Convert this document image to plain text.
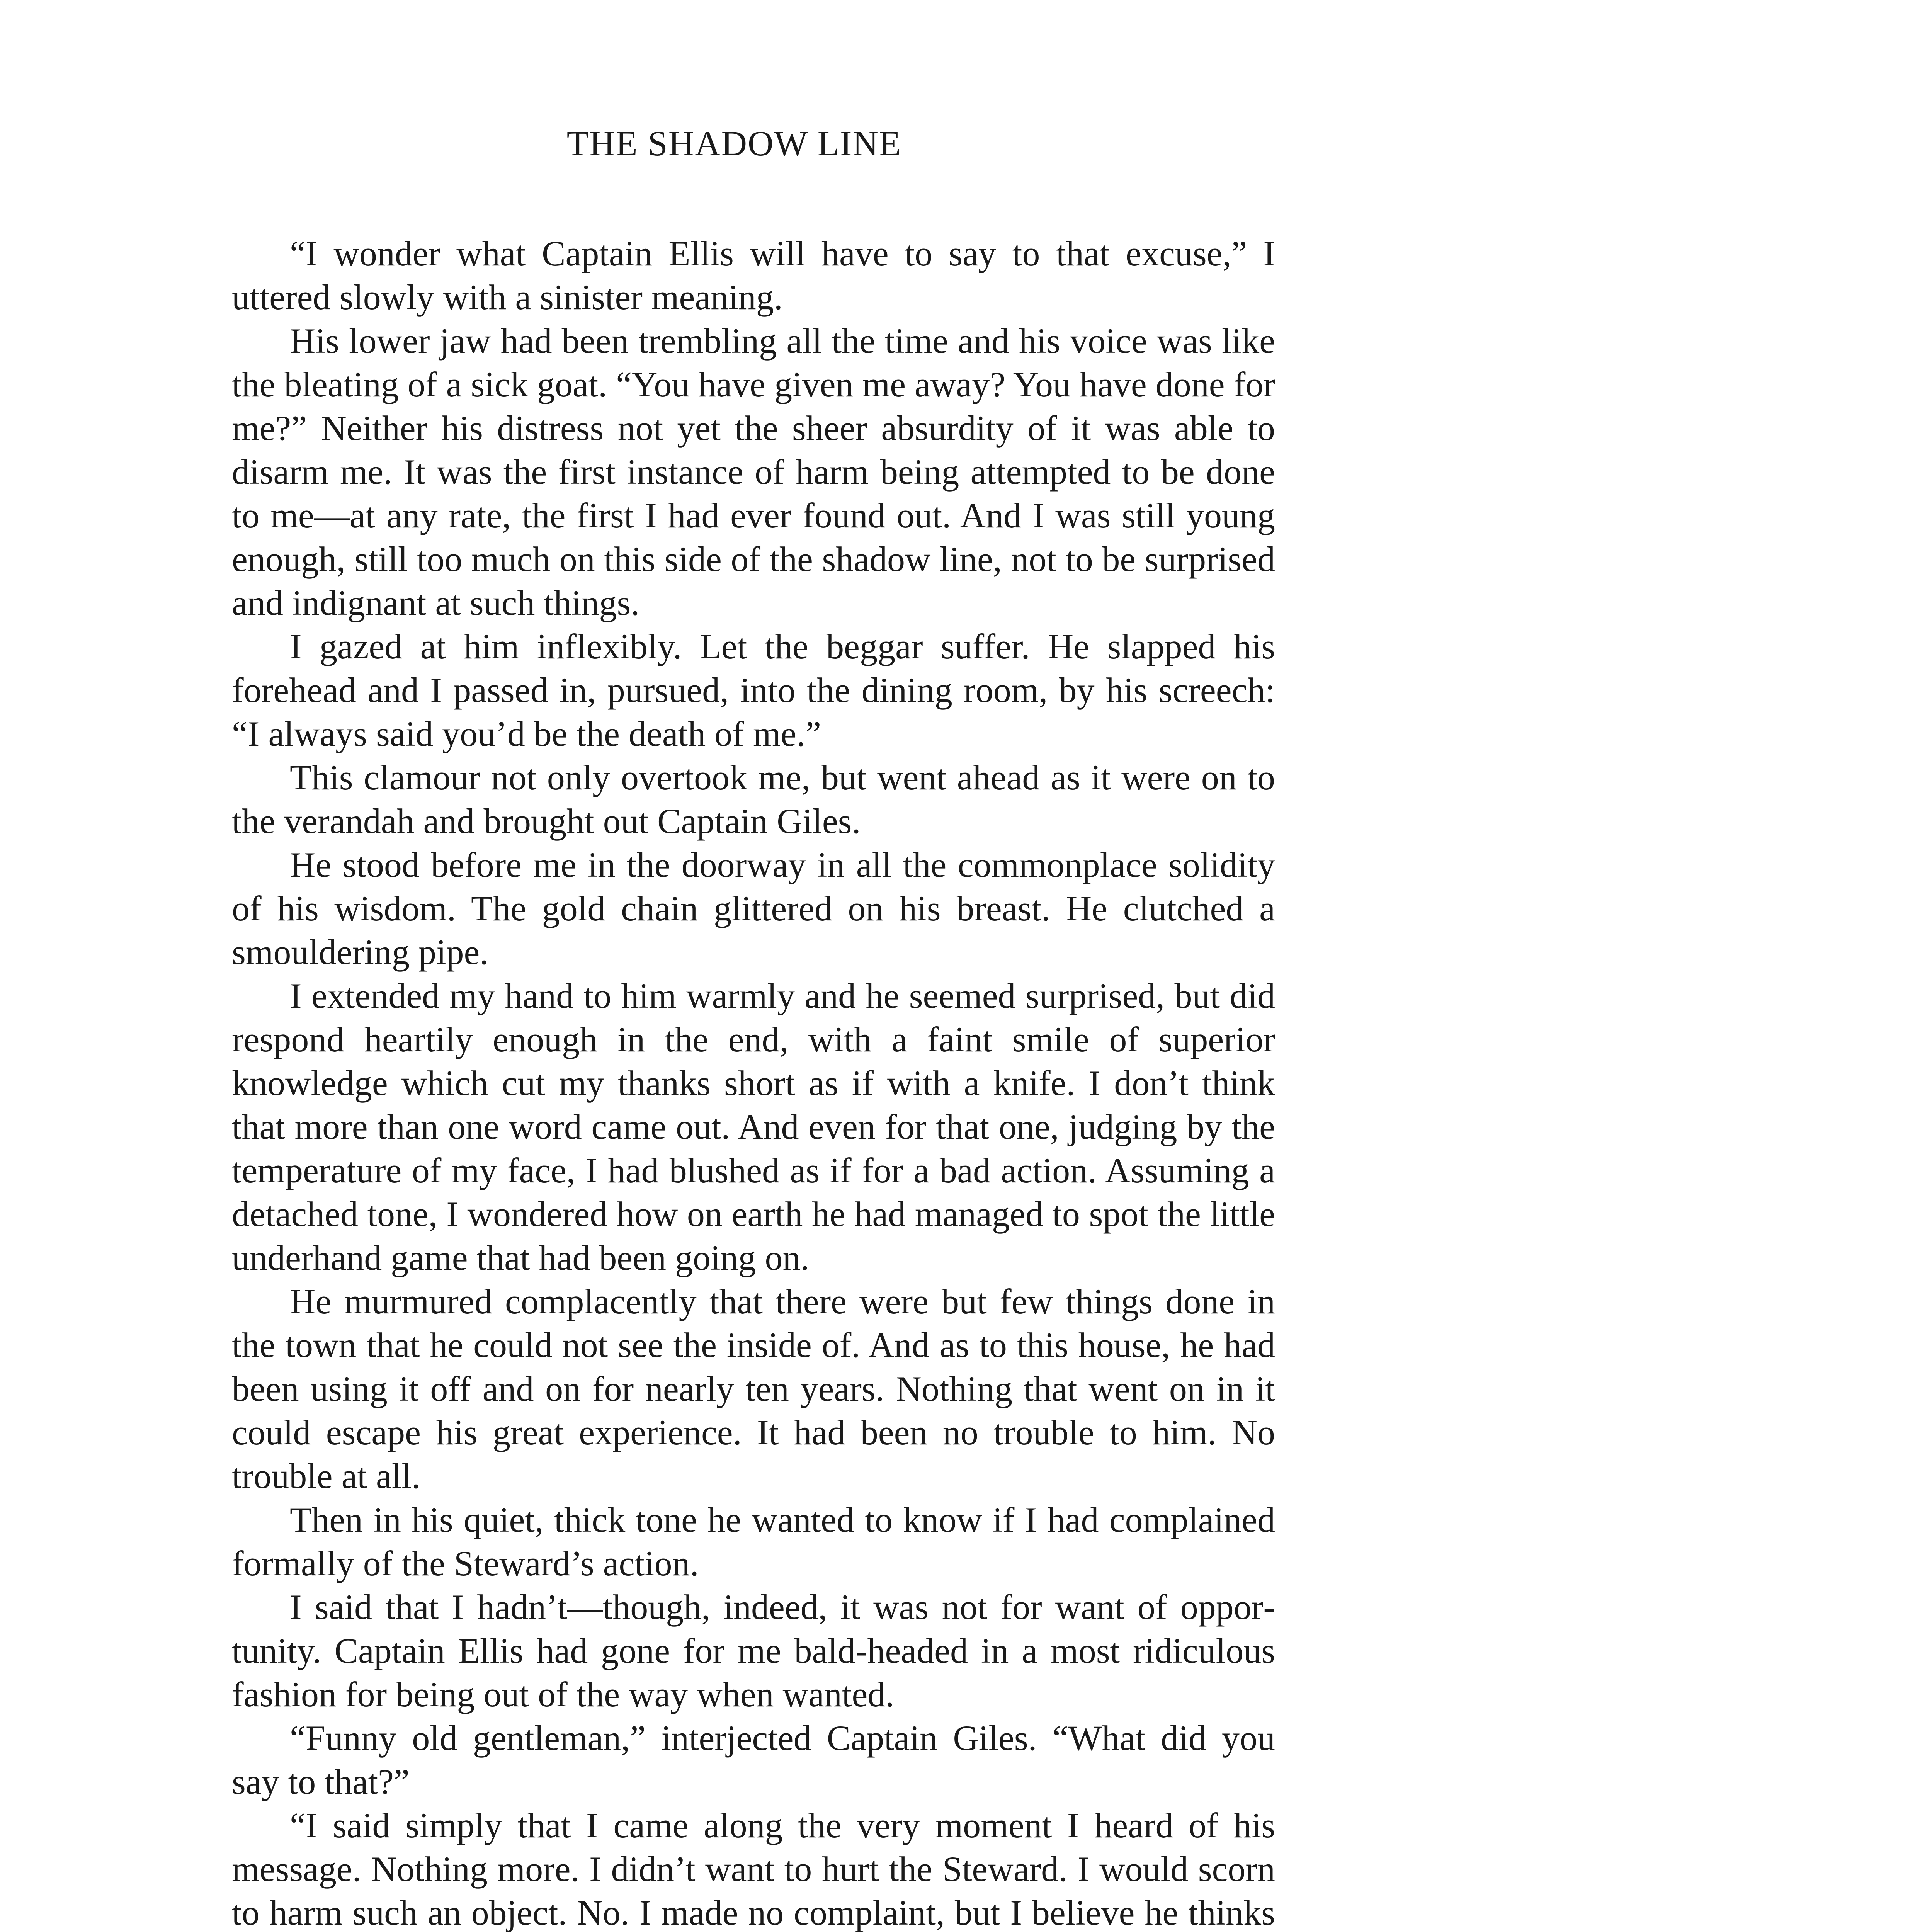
THE SHADOW LINE

“I wonder what Captain Ellis will have to say to that excuse,” I uttered slowly with a sinister meaning.

His lower jaw had been trembling all the time and his voice was like the bleating of a sick goat. “You have given me away? You have done for me?” Neither his distress not yet the sheer absurdity of it was able to disarm me. It was the first instance of harm being attempted to be done to me—at any rate, the first I had ever found out. And I was still young enough, still too much on this side of the shadow line, not to be surprised and indignant at such things.

I gazed at him inflexibly. Let the beggar suffer. He slapped his forehead and I passed in, pursued, into the dining room, by his screech: “I always said you’d be the death of me.”

This clamour not only overtook me, but went ahead as it were on to the verandah and brought out Captain Giles.

He stood before me in the doorway in all the commonplace solidity of his wisdom. The gold chain glittered on his breast. He clutched a smouldering pipe.

I extended my hand to him warmly and he seemed surprised, but did respond heartily enough in the end, with a faint smile of superior knowledge which cut my thanks short as if with a knife. I don’t think that more than one word came out. And even for that one, judging by the temperature of my face, I had blushed as if for a bad action. Assuming a detached tone, I wondered how on earth he had managed to spot the little underhand game that had been going on.

He murmured complacently that there were but few things done in the town that he could not see the inside of. And as to this house, he had been using it off and on for nearly ten years. Nothing that went on in it could escape his great experience. It had been no trouble to him. No trouble at all.

Then in his quiet, thick tone he wanted to know if I had complained formally of the Steward’s action.

I said that I hadn’t—though, indeed, it was not for want of opportunity. Captain Ellis had gone for me bald-headed in a most ridiculous fashion for being out of the way when wanted.

“Funny old gentleman,” interjected Captain Giles. “What did you say to that?”

“I said simply that I came along the very moment I heard of his message. Nothing more. I didn’t want to hurt the Steward. I would scorn to harm such an object. No. I made no complaint, but I believe he thinks
